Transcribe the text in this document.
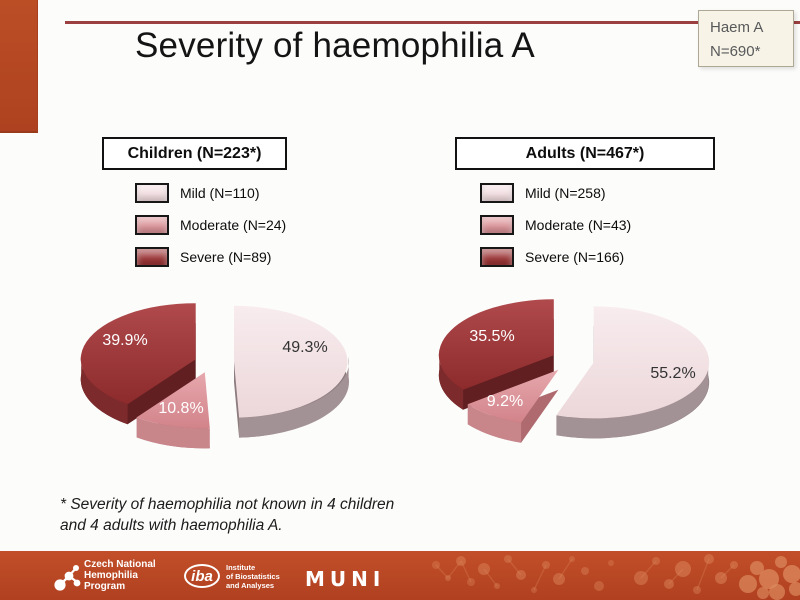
Severity of haemophilia A	Haem A
N=690*
Children (N=223*)	Adults (N=467*)
Mild (N=110)
Moderate (N=24)
Severe (N=89)
Mild (N=258)
Moderate (N=43)
Severe (N=166)
49.3%
10.8%
39.9%
55.2%
9.2%
35.5%
* Severity of haemophilia not known in 4 children
and 4 adults with haemophilia A.
Czech National
Hemophilia
Program
iba	Institute
of Biostatistics
and Analyses MUNI
